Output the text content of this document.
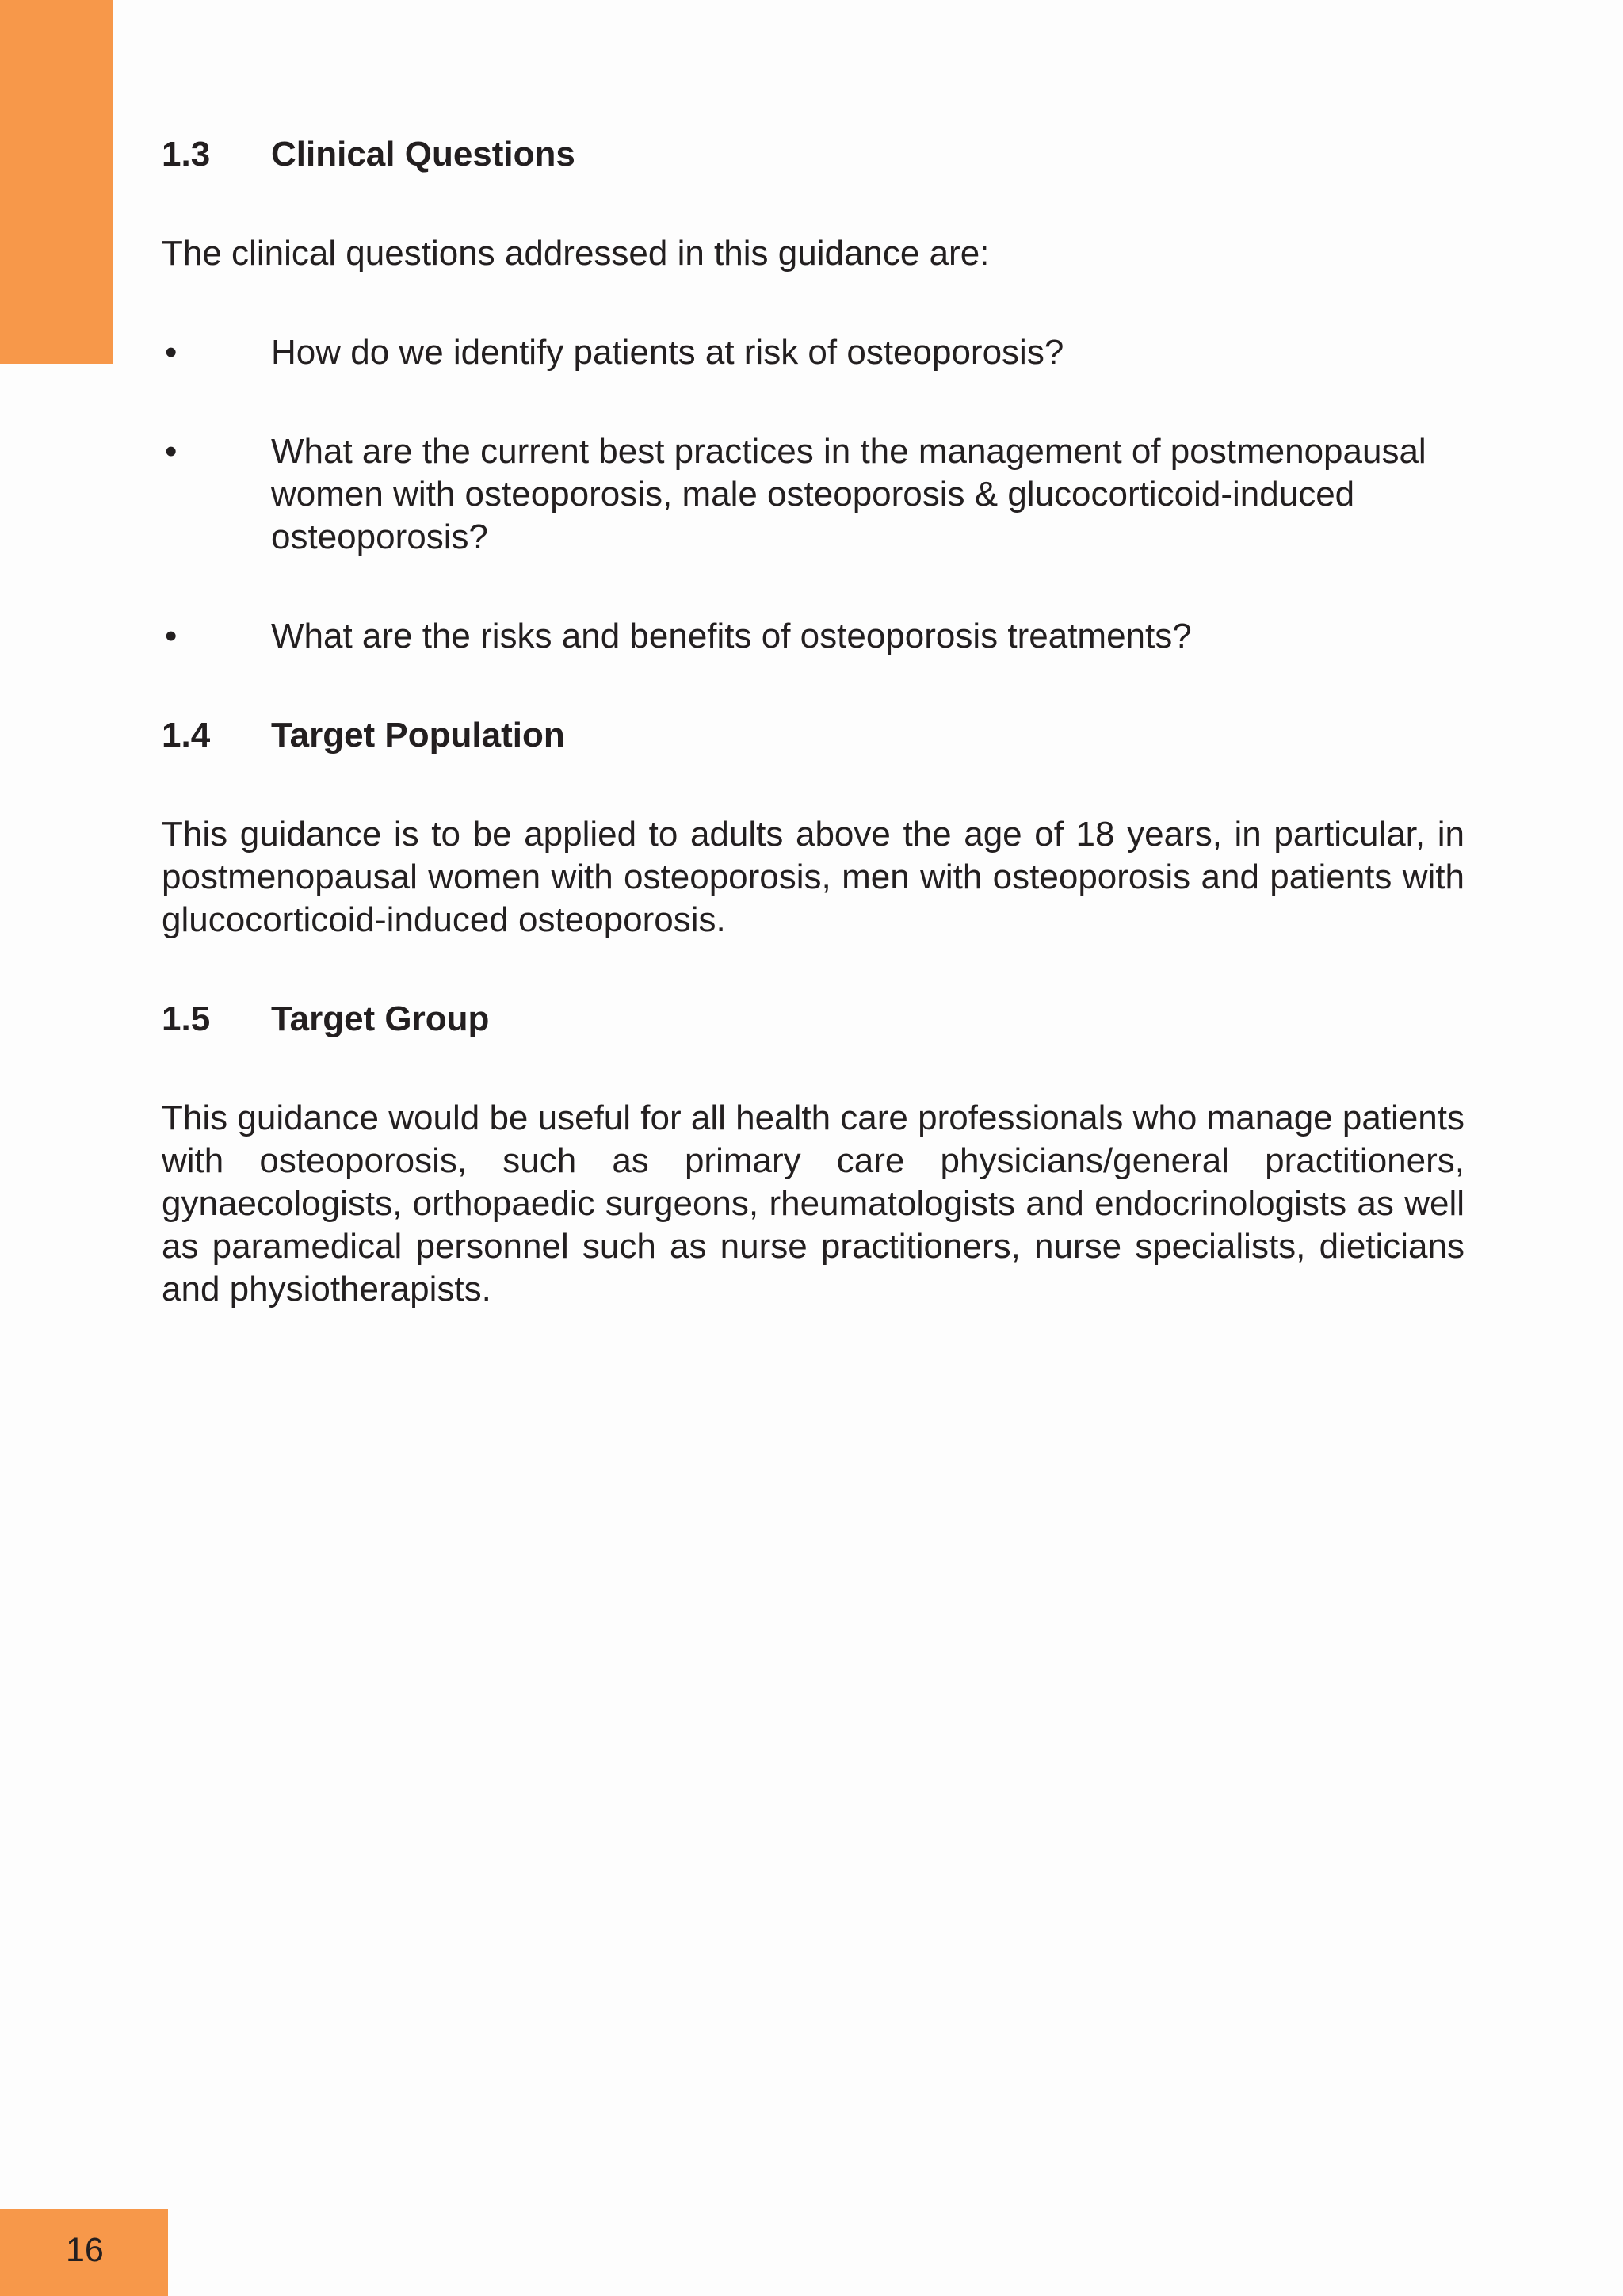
1.3	Clinical Questions

The clinical questions addressed in this guidance are:

•	How do we identify patients at risk of osteoporosis?
•	What are the current best practices in the management of postmenopausal women with osteoporosis, male osteoporosis & glucocorticoid-induced osteoporosis?
•	What are the risks and benefits of osteoporosis treatments?
1.4	Target Population

This guidance is to be applied to adults above the age of 18 years, in particular, in postmenopausal women with osteoporosis, men with osteoporosis and patients with glucocorticoid-induced osteoporosis.

1.5	Target Group

This guidance would be useful for all health care professionals who manage patients with osteoporosis, such as primary care physicians/general practitioners, gynaecologists, orthopaedic surgeons, rheumatologists and endocrinologists as well as paramedical personnel such as nurse practitioners, nurse specialists, dieticians and physiotherapists.

16
